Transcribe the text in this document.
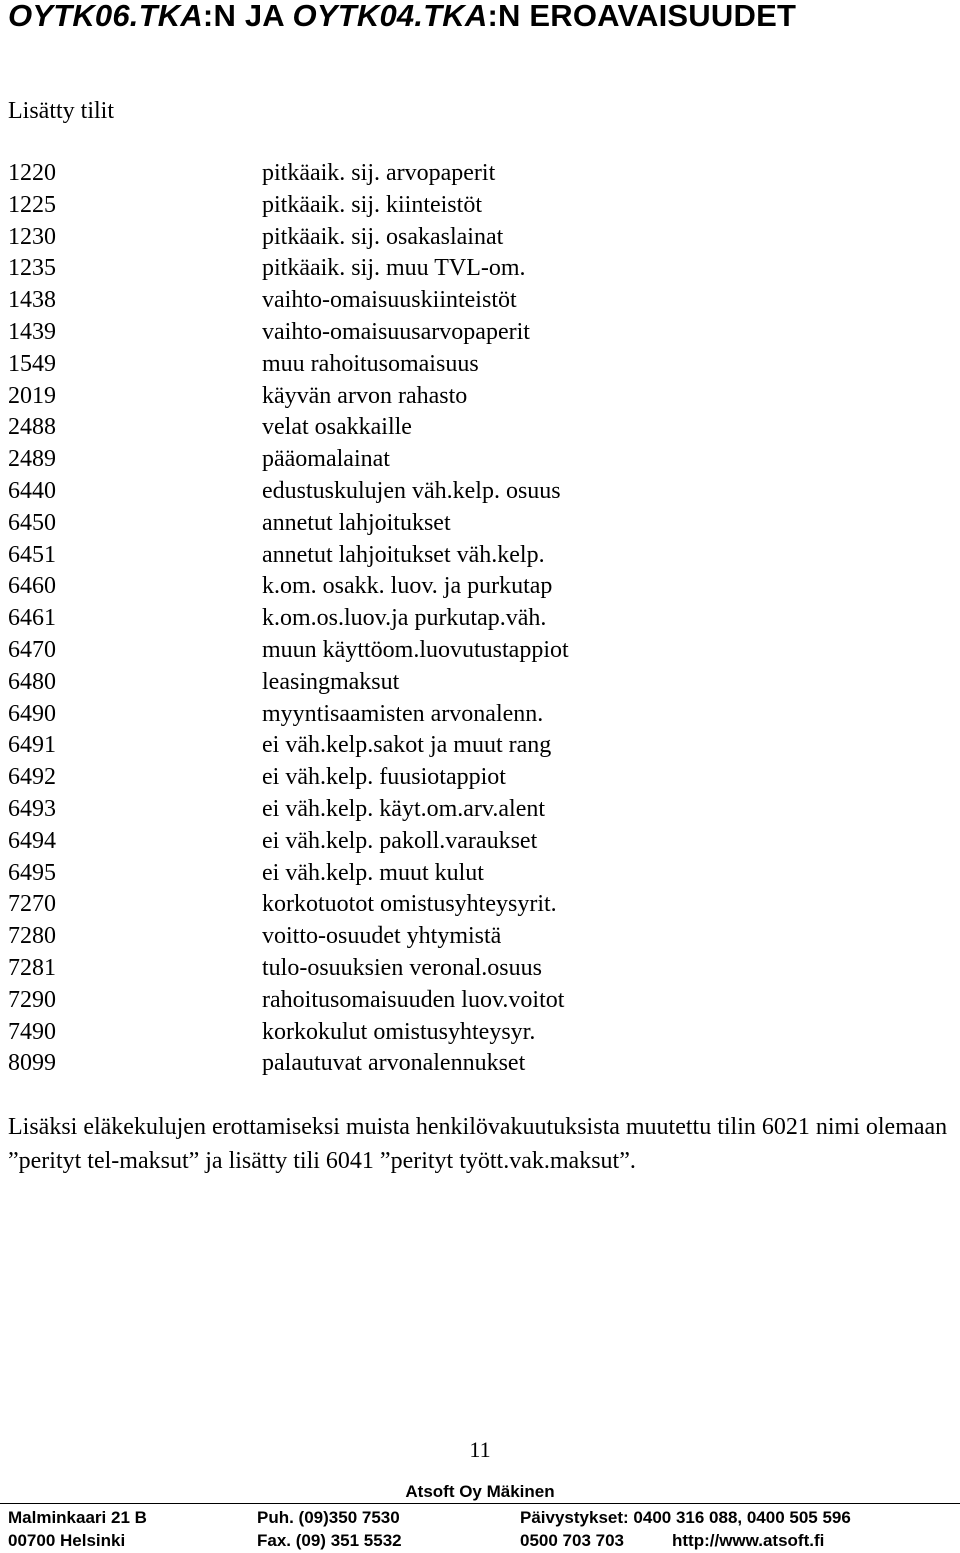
OYTK06.TKA:N JA OYTK04.TKA:N EROAVAISUUDET
Lisätty tilit
1220	pitkäaik. sij. arvopaperit
1225	pitkäaik. sij. kiinteistöt
1230	pitkäaik. sij. osakaslainat
1235	pitkäaik. sij. muu TVL-om.
1438	vaihto-omaisuuskiinteistöt
1439	vaihto-omaisuusarvopaperit
1549	muu rahoitusomaisuus
2019	käyvän arvon rahasto
2488	velat osakkaille
2489	pääomalainat
6440	edustuskulujen väh.kelp. osuus
6450	annetut lahjoitukset
6451	annetut lahjoitukset väh.kelp.
6460	k.om. osakk. luov. ja purkutap
6461	k.om.os.luov.ja purkutap.väh.
6470	muun käyttöom.luovutustappiot
6480	leasingmaksut
6490	myyntisaamisten arvonalenn.
6491	ei väh.kelp.sakot ja muut rang
6492	ei väh.kelp. fuusiotappiot
6493	ei väh.kelp. käyt.om.arv.alent
6494	ei väh.kelp. pakoll.varaukset
6495	ei väh.kelp. muut kulut
7270	korkotuotot omistusyhteysyrit.
7280	voitto-osuudet yhtymistä
7281	tulo-osuuksien veronal.osuus
7290	rahoitusomaisuuden luov.voitot
7490	korkokulut omistusyhteysyr.
8099	palautuvat arvonalennukset
Lisäksi eläkekulujen erottamiseksi muista henkilövakuutuksista muutettu tilin 6021 nimi olemaan ”perityt tel-maksut” ja lisätty tili 6041 ”perityt tyött.vak.maksut”.
11
Atsoft Oy Mäkinen
Malminkaari 21 B
00700 Helsinki
Puh. (09)350 7530
Fax. (09) 351 5532
Päivystykset: 0400 316 088, 0400 505 596
0500 703 703	http://www.atsoft.fi
